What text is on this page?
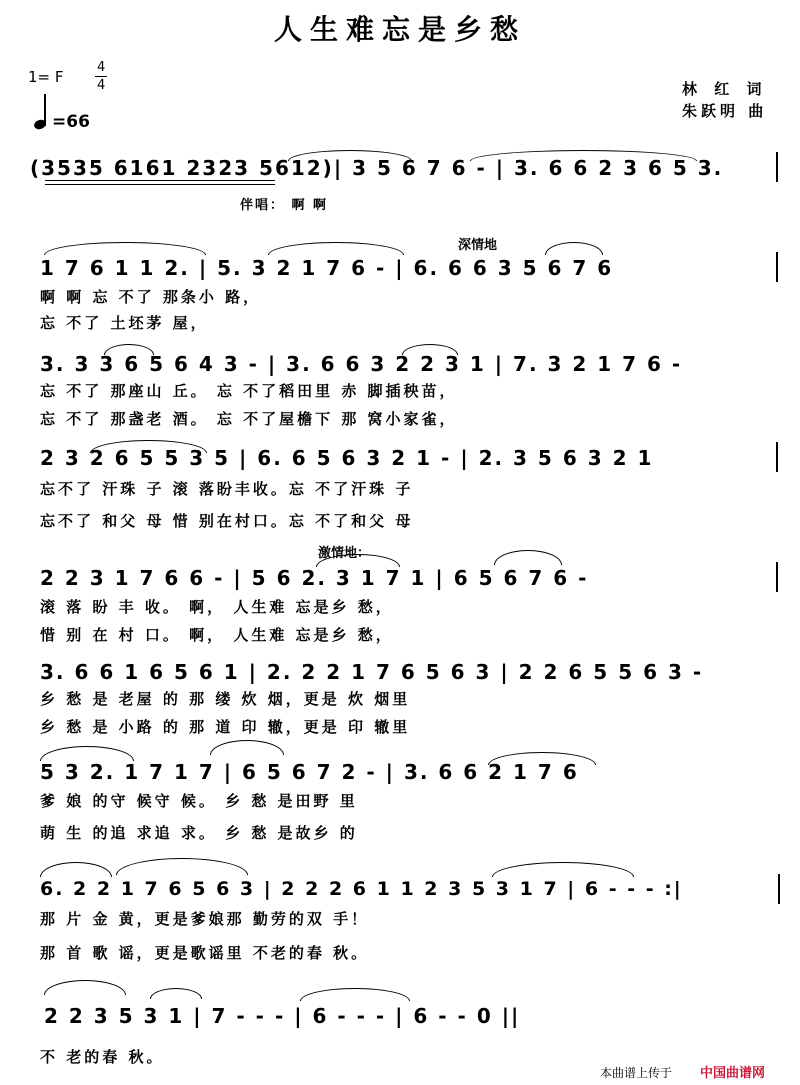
人生难忘是乡愁
1= F
4
4
=66
林 红 词
朱跃明 曲
(3535 6161 2323 5612)| 3 5 6 7 6 - | 3. 6 6 2 3 6 5 3.
伴唱： 啊 啊
深情地
1 7 6 1 1 2. | 5. 3 2 1 7 6 - | 6. 6 6 3 5 6 7 6
啊 啊 忘 不了 那条小 路，
忘 不了 土坯茅 屋，
3. 3 3 6 5 6 4 3 - | 3. 6 6 3 2 2 3 1 | 7. 3 2 1 7 6 -
忘 不了 那座山 丘。 忘 不了稻田里 赤 脚插秧苗，
忘 不了 那盏老 酒。 忘 不了屋檐下 那 窝小家雀，
2 3 2 6 5 5 3 5 | 6. 6 5 6 3 2 1 - | 2. 3 5 6 3 2 1
忘不了 汗珠 子 滚 落盼丰收。忘 不了汗珠 子
忘不了 和父 母 惜 别在村口。忘 不了和父 母
激情地：
2 2 3 1 7 6 6 - | 5 6 2. 3 1 7 1 | 6 5 6 7 6 -
滚 落 盼 丰 收。 啊， 人生难 忘是乡 愁，
惜 别 在 村 口。 啊， 人生难 忘是乡 愁，
3. 6 6 1 6 5 6 1 | 2. 2 2 1 7 6 5 6 3 | 2 2 6 5 5 6 3 -
乡 愁 是 老屋 的 那 缕 炊 烟，更是 炊 烟里
乡 愁 是 小路 的 那 道 印 辙，更是 印 辙里
5 3 2. 1 7 1 7 | 6 5 6 7 2 - | 3. 6 6 2 1 7 6
爹 娘 的守 候守 候。 乡 愁 是田野 里
萌 生 的追 求追 求。 乡 愁 是故乡 的
6. 2 2 1 7 6 5 6 3 | 2 2 2 6 1 1 2 3 5 3 1 7 | 6 - - - :|
那 片 金 黄，更是爹娘那 勤劳的双 手！
那 首 歌 谣，更是歌谣里 不老的春 秋。
2 2 3 5 3 1 | 7 - - - | 6 - - - | 6 - - 0 ||
不 老的春 秋。
本曲谱上传于 中国曲谱网
